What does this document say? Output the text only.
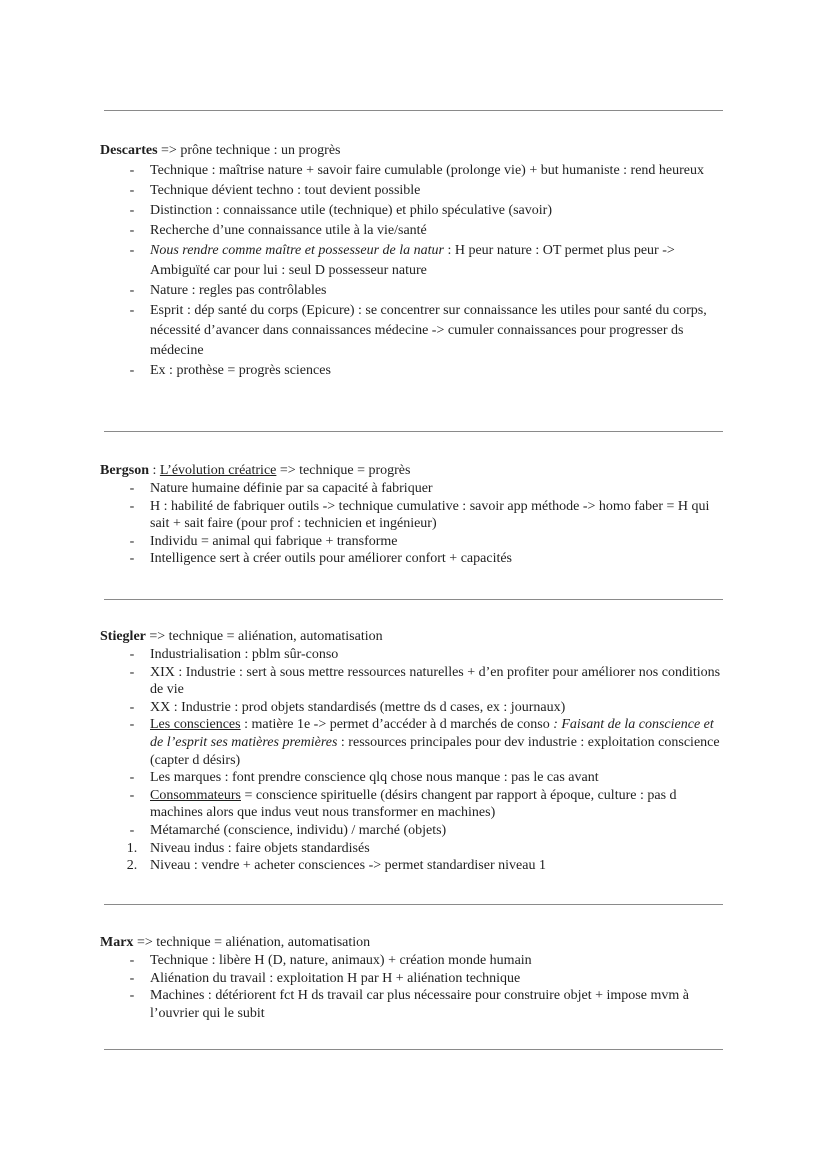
Descartes => prône technique : un progrès
-	Technique : maîtrise nature + savoir faire cumulable (prolonge vie) + but humaniste : rend heureux
-	Technique dévient techno : tout devient possible
-	Distinction : connaissance utile (technique) et philo spéculative (savoir)
-	Recherche d’une connaissance utile à la vie/santé
-	Nous rendre comme maître et possesseur de la natur : H peur nature : OT permet plus peur -> Ambiguïté car pour lui : seul D possesseur nature
-	Nature : regles pas contrôlables
-	Esprit : dép santé du corps (Epicure) : se concentrer sur connaissance les utiles pour santé du corps, nécessité d’avancer dans connaissances médecine -> cumuler connaissances pour progresser ds médecine
-	Ex : prothèse = progrès sciences
Bergson : L’évolution créatrice => technique = progrès
-	Nature humaine définie par sa capacité à fabriquer
-	H : habilité de fabriquer outils -> technique cumulative : savoir app méthode -> homo faber = H qui sait + sait faire (pour prof : technicien et ingénieur)
-	Individu = animal qui fabrique + transforme
-	Intelligence sert à créer outils pour améliorer confort + capacités
Stiegler => technique = aliénation, automatisation
-	Industrialisation : pblm sûr-conso
-	XIX : Industrie : sert à sous mettre ressources naturelles + d’en profiter pour améliorer nos conditions de vie
-	XX : Industrie : prod objets standardisés (mettre ds d cases, ex : journaux)
-	Les consciences : matière 1e -> permet d’accéder à d marchés de conso : Faisant de la conscience et de l’esprit ses matières premières : ressources principales pour dev industrie : exploitation conscience (capter d désirs)
-	Les marques : font prendre conscience qlq chose nous manque : pas le cas avant
-	Consommateurs = conscience spirituelle (désirs changent par rapport à époque, culture : pas d machines alors que indus veut nous transformer en machines)
-	Métamarché (conscience, individu) / marché (objets)
1. Niveau indus : faire objets standardisés
2. Niveau : vendre + acheter consciences -> permet standardiser niveau 1
Marx => technique = aliénation, automatisation
-	Technique : libère H (D, nature, animaux) + création monde humain
-	Aliénation du travail : exploitation H par H + aliénation technique
-	Machines : détériorent fct H ds travail car plus nécessaire pour construire objet + impose mvm à l’ouvrier qui le subit
